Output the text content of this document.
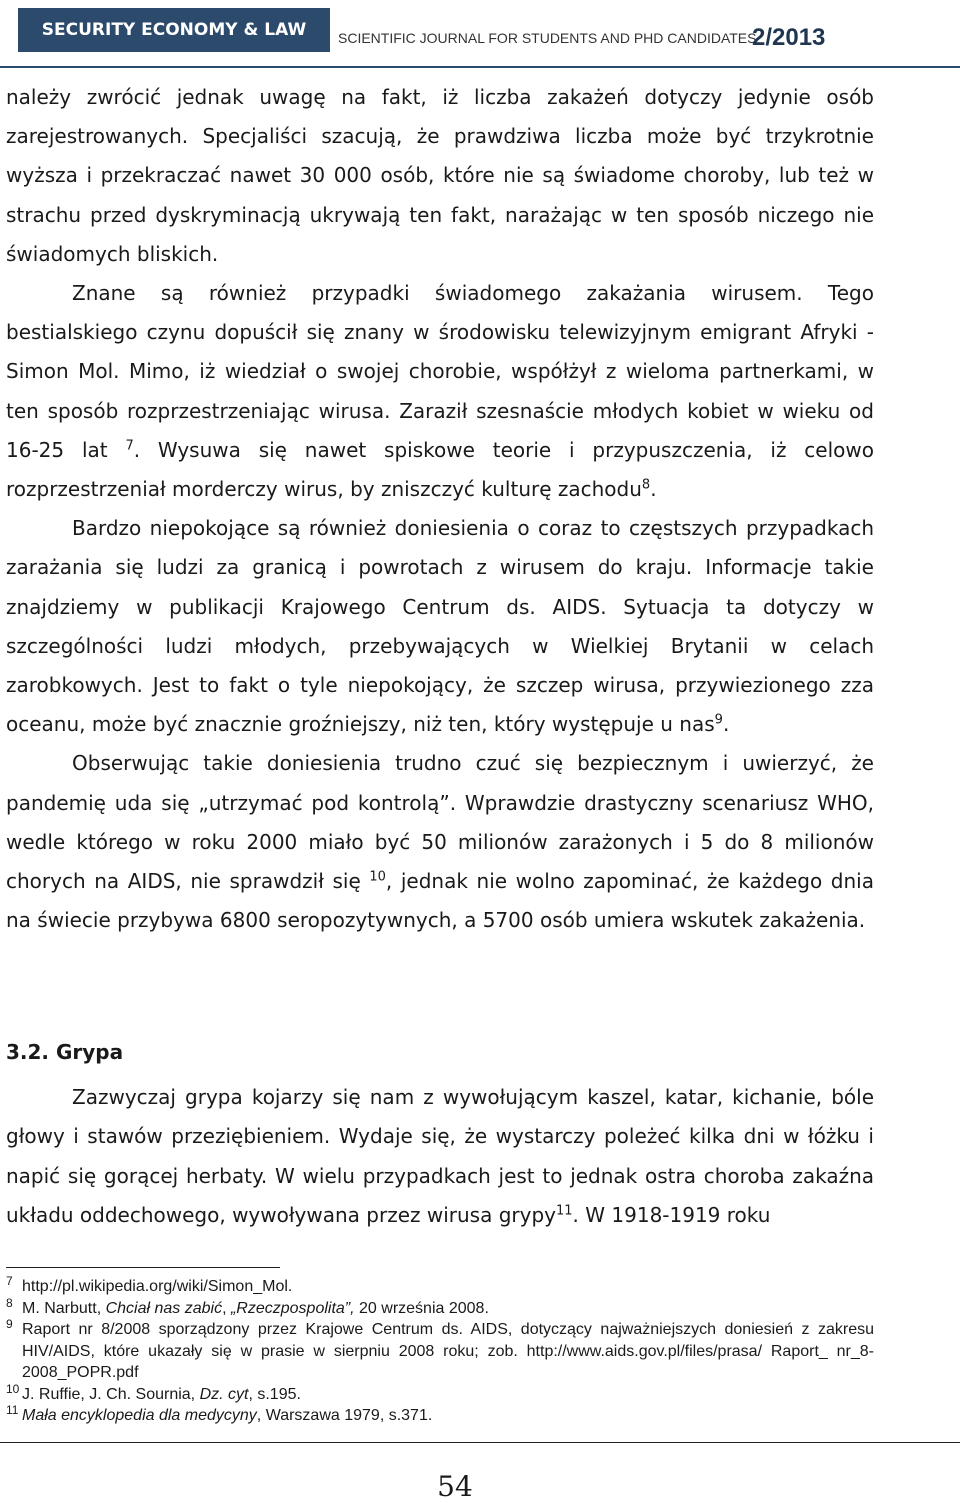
SECURITY ECONOMY & LAW	SCIENTIFIC JOURNAL FOR STUDENTS AND PHD CANDIDATES
2/2013

należy zwrócić jednak uwagę na fakt, iż liczba zakażeń dotyczy jedynie osób zarejestrowanych. Specjaliści szacują, że prawdziwa liczba może być trzykrotnie wyższa i przekraczać nawet 30 000 osób, które nie są świadome choroby, lub też w strachu przed dyskryminacją ukrywają ten fakt, narażając w ten sposób niczego nie świadomych bliskich.

Znane są również przypadki świadomego zakażania wirusem. Tego bestialskiego czynu dopuścił się znany w środowisku telewizyjnym emigrant Afryki - Simon Mol. Mimo, iż wiedział o swojej chorobie, współżył z wieloma partnerkami, w ten sposób rozprzestrzeniając wirusa. Zaraził szesnaście młodych kobiet w wieku od 16-25 lat $^7$. Wysuwa się nawet spiskowe teorie i przypuszczenia, iż celowo rozprzestrzeniał morderczy wirus, by zniszczyć kulturę zachodu$^8$.

Bardzo niepokojące są również doniesienia o coraz to częstszych przypadkach zarażania się ludzi za granicą i powrotach z wirusem do kraju. Informacje takie znajdziemy w publikacji Krajowego Centrum ds. AIDS. Sytuacja ta dotyczy w szczególności ludzi młodych, przebywających w Wielkiej Brytanii w celach zarobkowych. Jest to fakt o tyle niepokojący, że szczep wirusa, przywiezionego zza oceanu, może być znacznie groźniejszy, niż ten, który występuje u nas$^9$.

Obserwując takie doniesienia trudno czuć się bezpiecznym i uwierzyć, że pandemię uda się „utrzymać pod kontrolą”. Wprawdzie drastyczny scenariusz WHO, wedle którego w roku 2000 miało być 50 milionów zarażonych i 5 do 8 milionów chorych na AIDS, nie sprawdził się $^{10}$, jednak nie wolno zapominać, że każdego dnia na świecie przybywa 6800 seropozytywnych, a 5700 osób umiera wskutek zakażenia.

3.2. Grypa

Zazwyczaj grypa kojarzy się nam z wywołującym kaszel, katar, kichanie, bóle głowy i stawów przeziębieniem. Wydaje się, że wystarczy poleżeć kilka dni w łóżku i napić się gorącej herbaty. W wielu przypadkach jest to jednak ostra choroba zakaźna układu oddechowego, wywoływana przez wirusa grypy$^{11}$. W 1918-1919 roku

7 http://pl.wikipedia.org/wiki/Simon_Mol.
8 M. Narbutt, Chciał nas zabić, „Rzeczpospolita”, 20 września 2008.
9 Raport nr 8/2008 sporządzony przez Krajowe Centrum ds. AIDS, dotyczący najważniejszych doniesień z zakresu HIV/AIDS, które ukazały się w prasie w sierpniu 2008 roku; zob. http://www.aids.gov.pl/files/prasa/ Raport_ nr_8-2008_POPR.pdf
10 J. Ruffie, J. Ch. Sournia, Dz. cyt, s.195.
11 Mała encyklopedia dla medycyny, Warszawa 1979, s.371.
54
